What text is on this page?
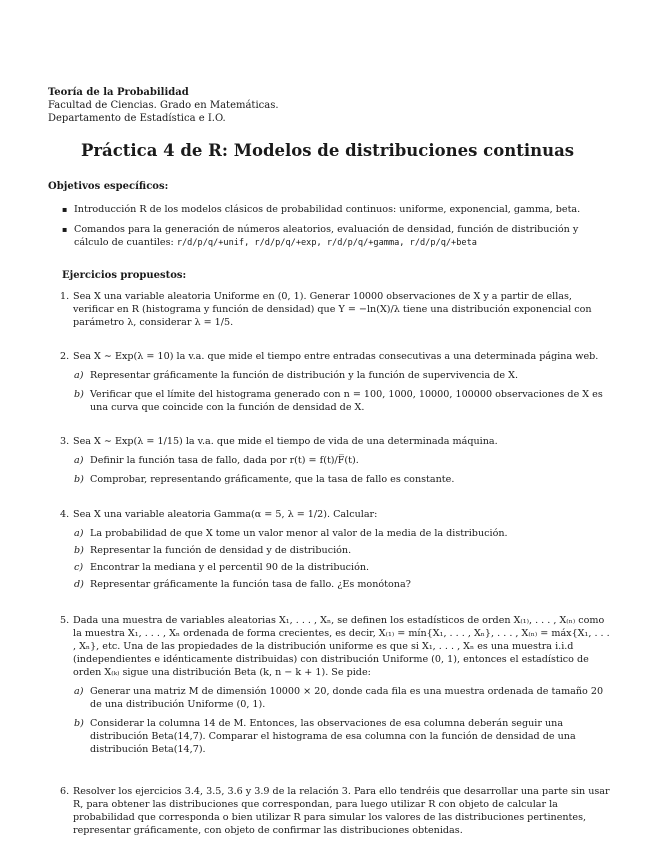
Teoría de la Probabilidad
Facultad de Ciencias. Grado en Matemáticas.
Departamento de Estadística e I.O.
Práctica 4 de R: Modelos de distribuciones continuas
Objetivos específicos:
▪ Introducción R de los modelos clásicos de probabilidad continuos: uniforme, exponencial, gamma, beta.
▪ Comandos para la generación de números aleatorios, evaluación de densidad, función de distribución y cálculo de cuantiles: r/d/p/q/+unif, r/d/p/q/+exp, r/d/p/q/+gamma, r/d/p/q/+beta
Ejercicios propuestos:
1. Sea X una variable aleatoria Uniforme en (0, 1). Generar 10000 observaciones de X y a partir de ellas, verificar en R (histograma y función de densidad) que Y = −ln(X)/λ tiene una distribución exponencial con parámetro λ, considerar λ = 1/5.
2. Sea X ∼ Exp(λ = 10) la v.a. que mide el tiempo entre entradas consecutivas a una determinada página web.
a) Representar gráficamente la función de distribución y la función de supervivencia de X.
b) Verificar que el límite del histograma generado con n = 100, 1000, 10000, 100000 observaciones de X es una curva que coincide con la función de densidad de X.
3. Sea X ∼ Exp(λ = 1/15) la v.a. que mide el tiempo de vida de una determinada máquina.
a) Definir la función tasa de fallo, dada por r(t) = f(t)/F̅(t).
b) Comprobar, representando gráficamente, que la tasa de fallo es constante.
4. Sea X una variable aleatoria Gamma(α = 5, λ = 1/2). Calcular:
a) La probabilidad de que X tome un valor menor al valor de la media de la distribución.
b) Representar la función de densidad y de distribución.
c) Encontrar la mediana y el percentil 90 de la distribución.
d) Representar gráficamente la función tasa de fallo. ¿Es monótona?
5. Dada una muestra de variables aleatorias X₁, . . . , Xₙ, se definen los estadísticos de orden X₍₁₎, . . . , X₍ₙ₎ como la muestra X₁, . . . , Xₙ ordenada de forma crecientes, es decir, X₍₁₎ = mín{X₁, . . . , Xₙ}, . . . , X₍ₙ₎ = máx{X₁, . . . , Xₙ}, etc. Una de las propiedades de la distribución uniforme es que si X₁, . . . , Xₙ es una muestra i.i.d (independientes e idénticamente distribuidas) con distribución Uniforme (0, 1), entonces el estadístico de orden X₍ₖ₎ sigue una distribución Beta (k, n − k + 1). Se pide:
a) Generar una matriz M de dimensión 10000 × 20, donde cada fila es una muestra ordenada de tamaño 20 de una distribución Uniforme (0, 1).
b) Considerar la columna 14 de M. Entonces, las observaciones de esa columna deberán seguir una distribución Beta(14,7). Comparar el histograma de esa columna con la función de densidad de una distribución Beta(14,7).
6. Resolver los ejercicios 3.4, 3.5, 3.6 y 3.9 de la relación 3. Para ello tendréis que desarrollar una parte sin usar R, para obtener las distribuciones que correspondan, para luego utilizar R con objeto de calcular la probabilidad que corresponda o bien utilizar R para simular los valores de las distribuciones pertinentes, representar gráficamente, con objeto de confirmar las distribuciones obtenidas.
